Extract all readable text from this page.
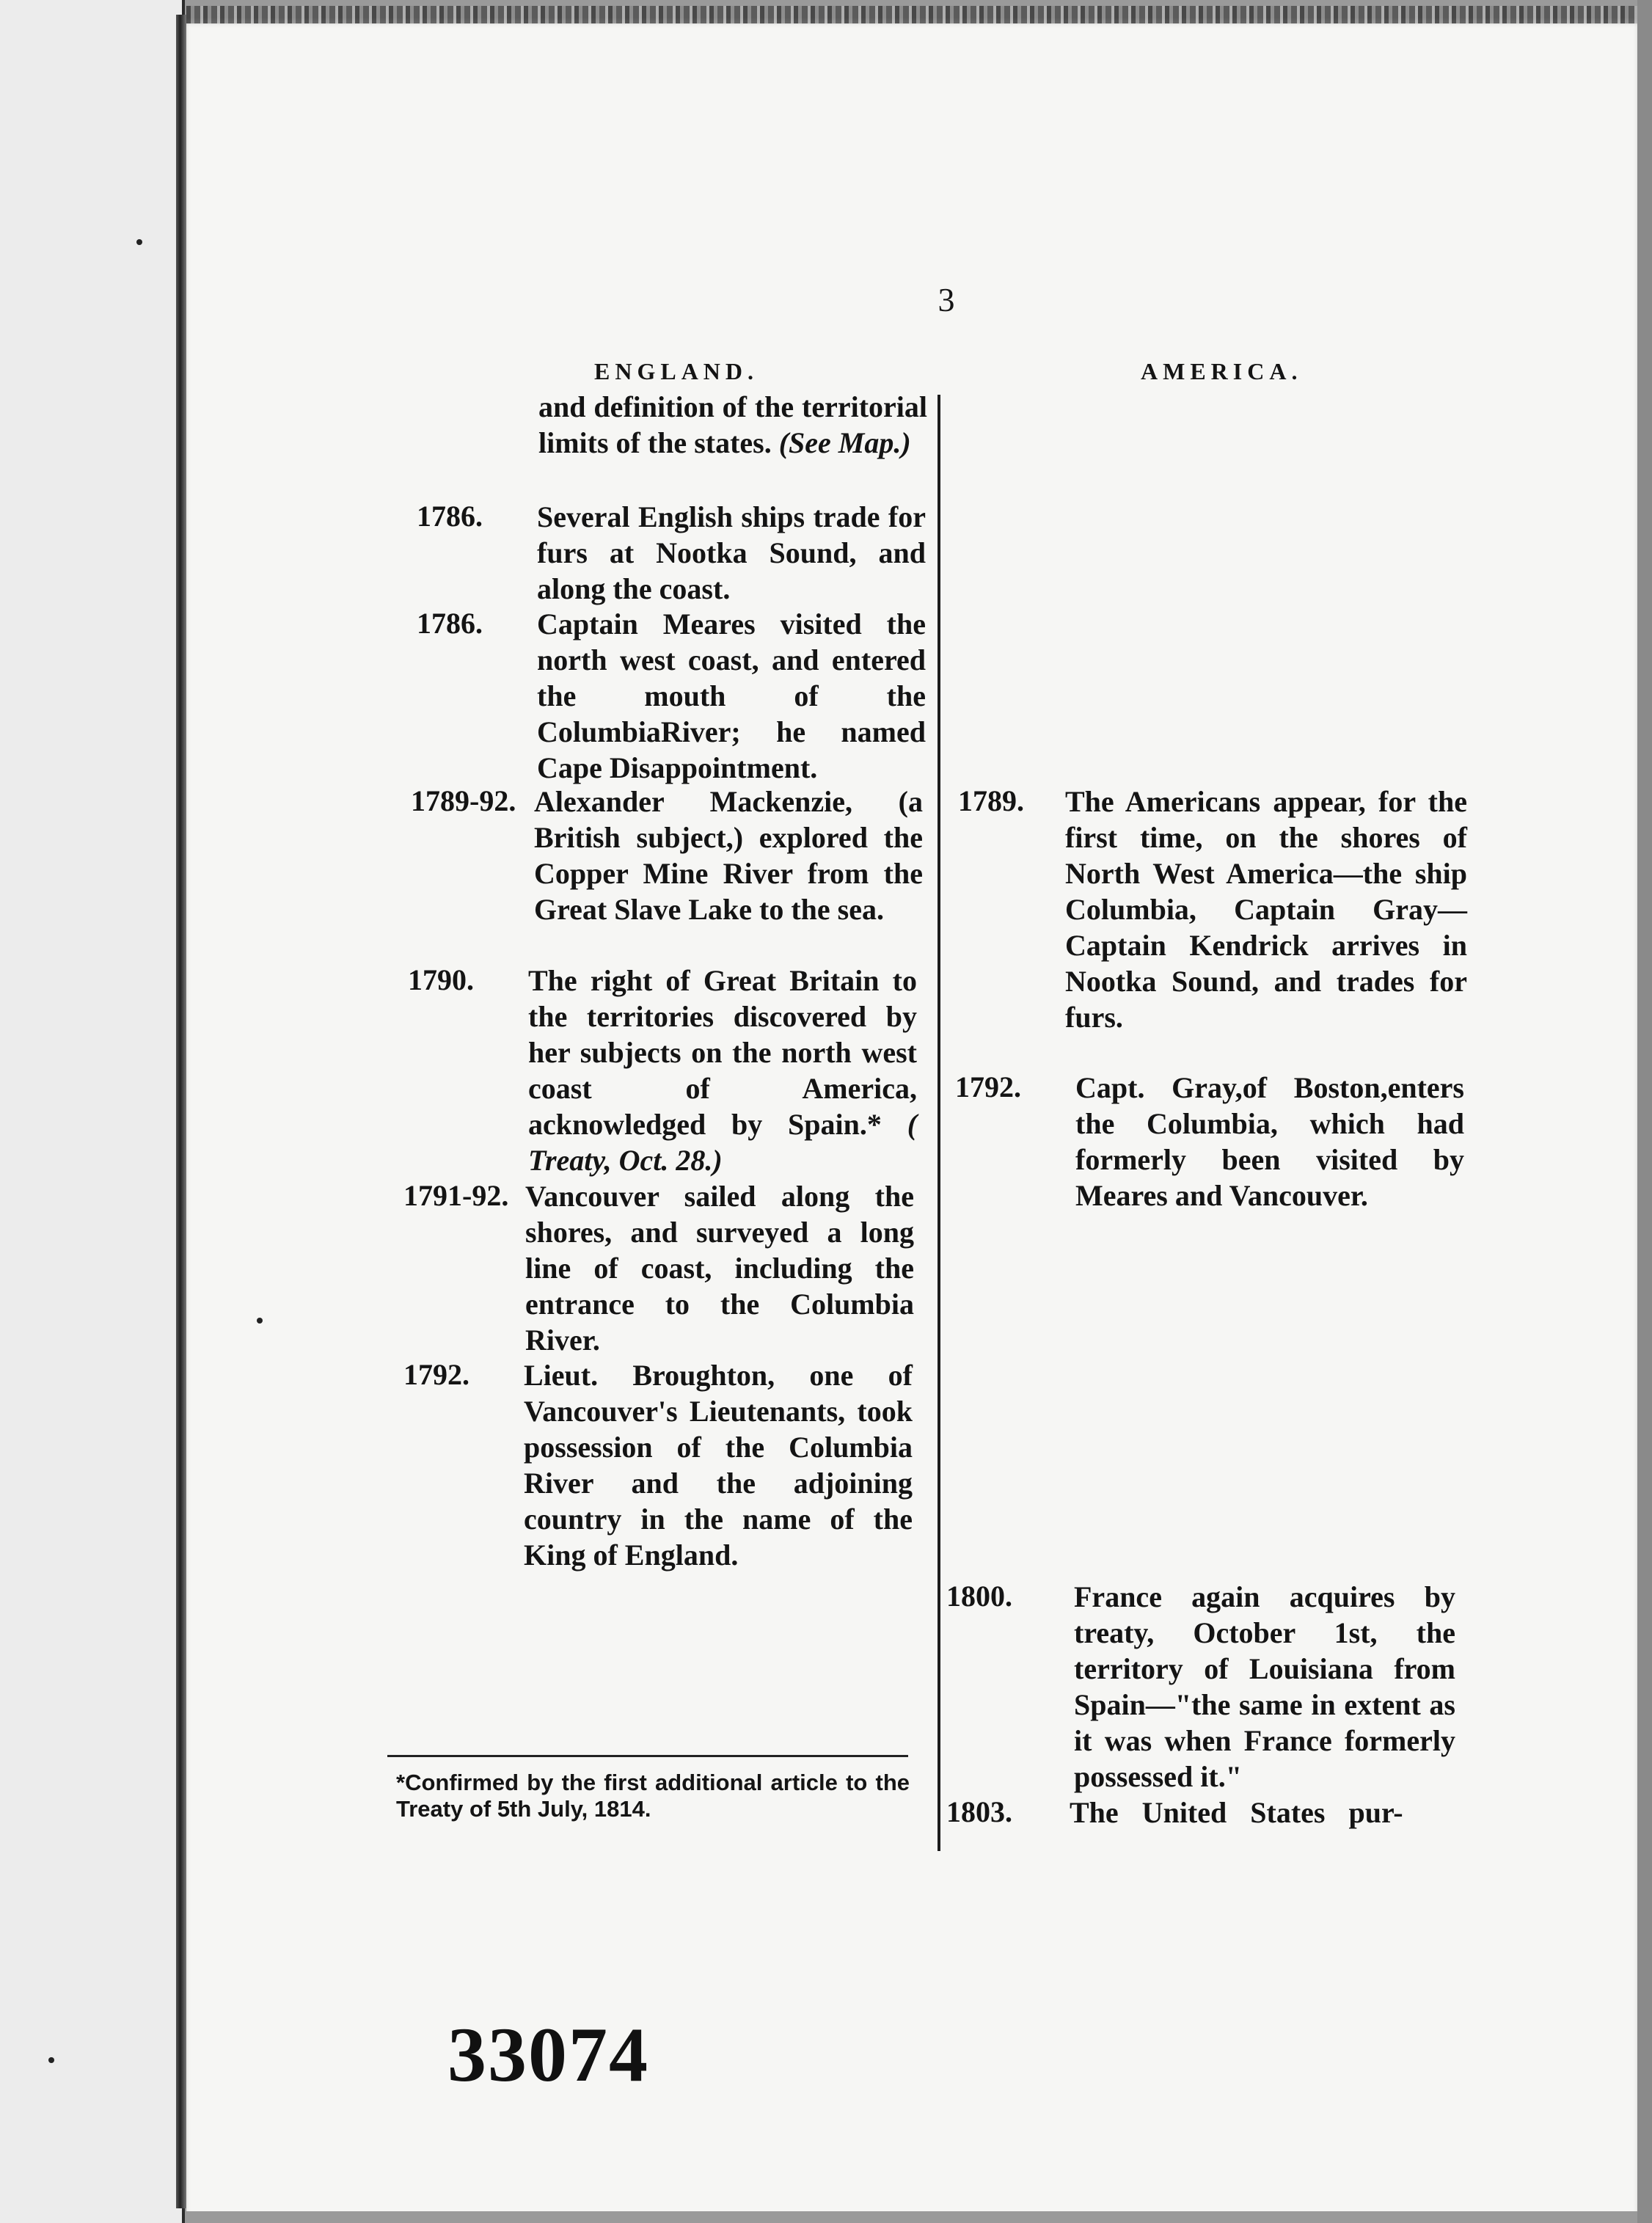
3
ENGLAND.	AMERICA.
and definition of the territorial limits of the states. (See Map.)
1786. Several English ships trade for furs at Nootka Sound, and along the coast.
1786. Captain Meares visited the north west coast, and entered the mouth of the ColumbiaRiver; he named Cape Disappointment.
1789-92. Alexander Mackenzie, (a British subject,) explored the Copper Mine River from the Great Slave Lake to the sea.
1790. The right of Great Britain to the territories discovered by her subjects on the north west coast of America, acknowledged by Spain.* ( Treaty, Oct. 28.)
1791-92. Vancouver sailed along the shores, and surveyed a long line of coast, including the entrance to the Columbia River.
1792. Lieut. Broughton, one of Vancouver's Lieutenants, took possession of the Columbia River and the adjoining country in the name of the King of England.
*Confirmed by the first additional article to the Treaty of 5th July, 1814.
1789. The Americans appear, for the first time, on the shores of North West America—the ship Columbia, Captain Gray—Captain Kendrick arrives in Nootka Sound, and trades for furs.
1792. Capt. Gray,of Boston,enters the Columbia, which had formerly been visited by Meares and Vancouver.
1800. France again acquires by treaty, October 1st, the territory of Louisiana from Spain—"the same in extent as it was when France formerly possessed it."
1803. The United States pur-
33074
